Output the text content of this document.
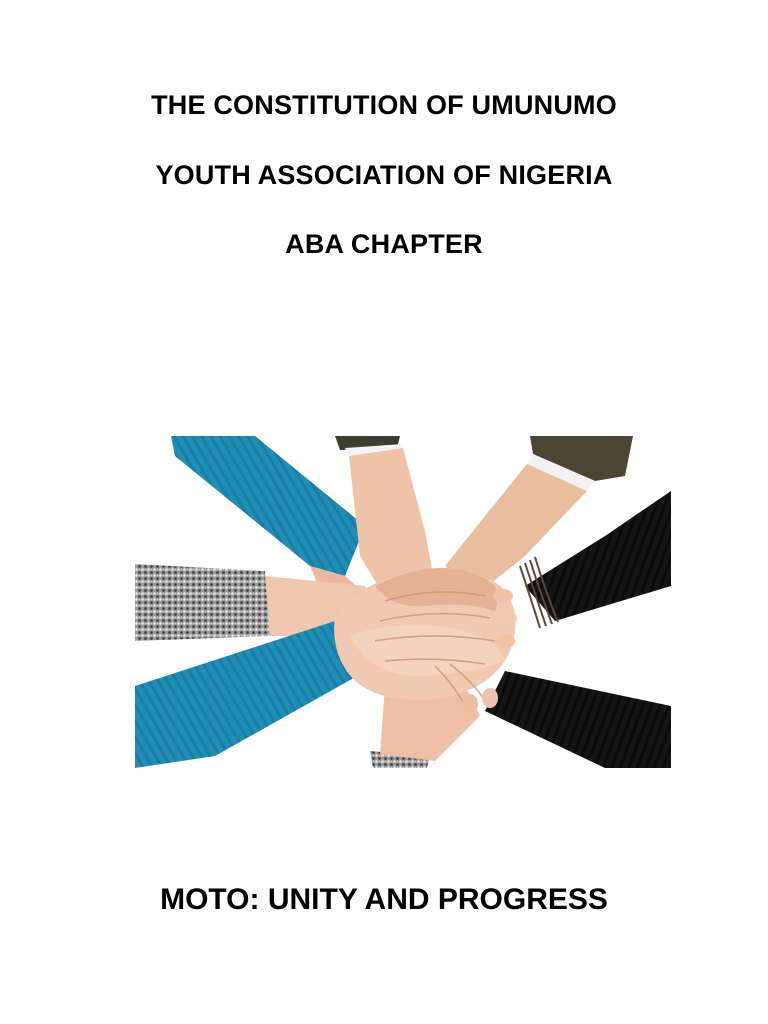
THE CONSTITUTION OF UMUNUMO
YOUTH ASSOCIATION OF NIGERIA
ABA CHAPTER

MOTO: UNITY AND PROGRESS
